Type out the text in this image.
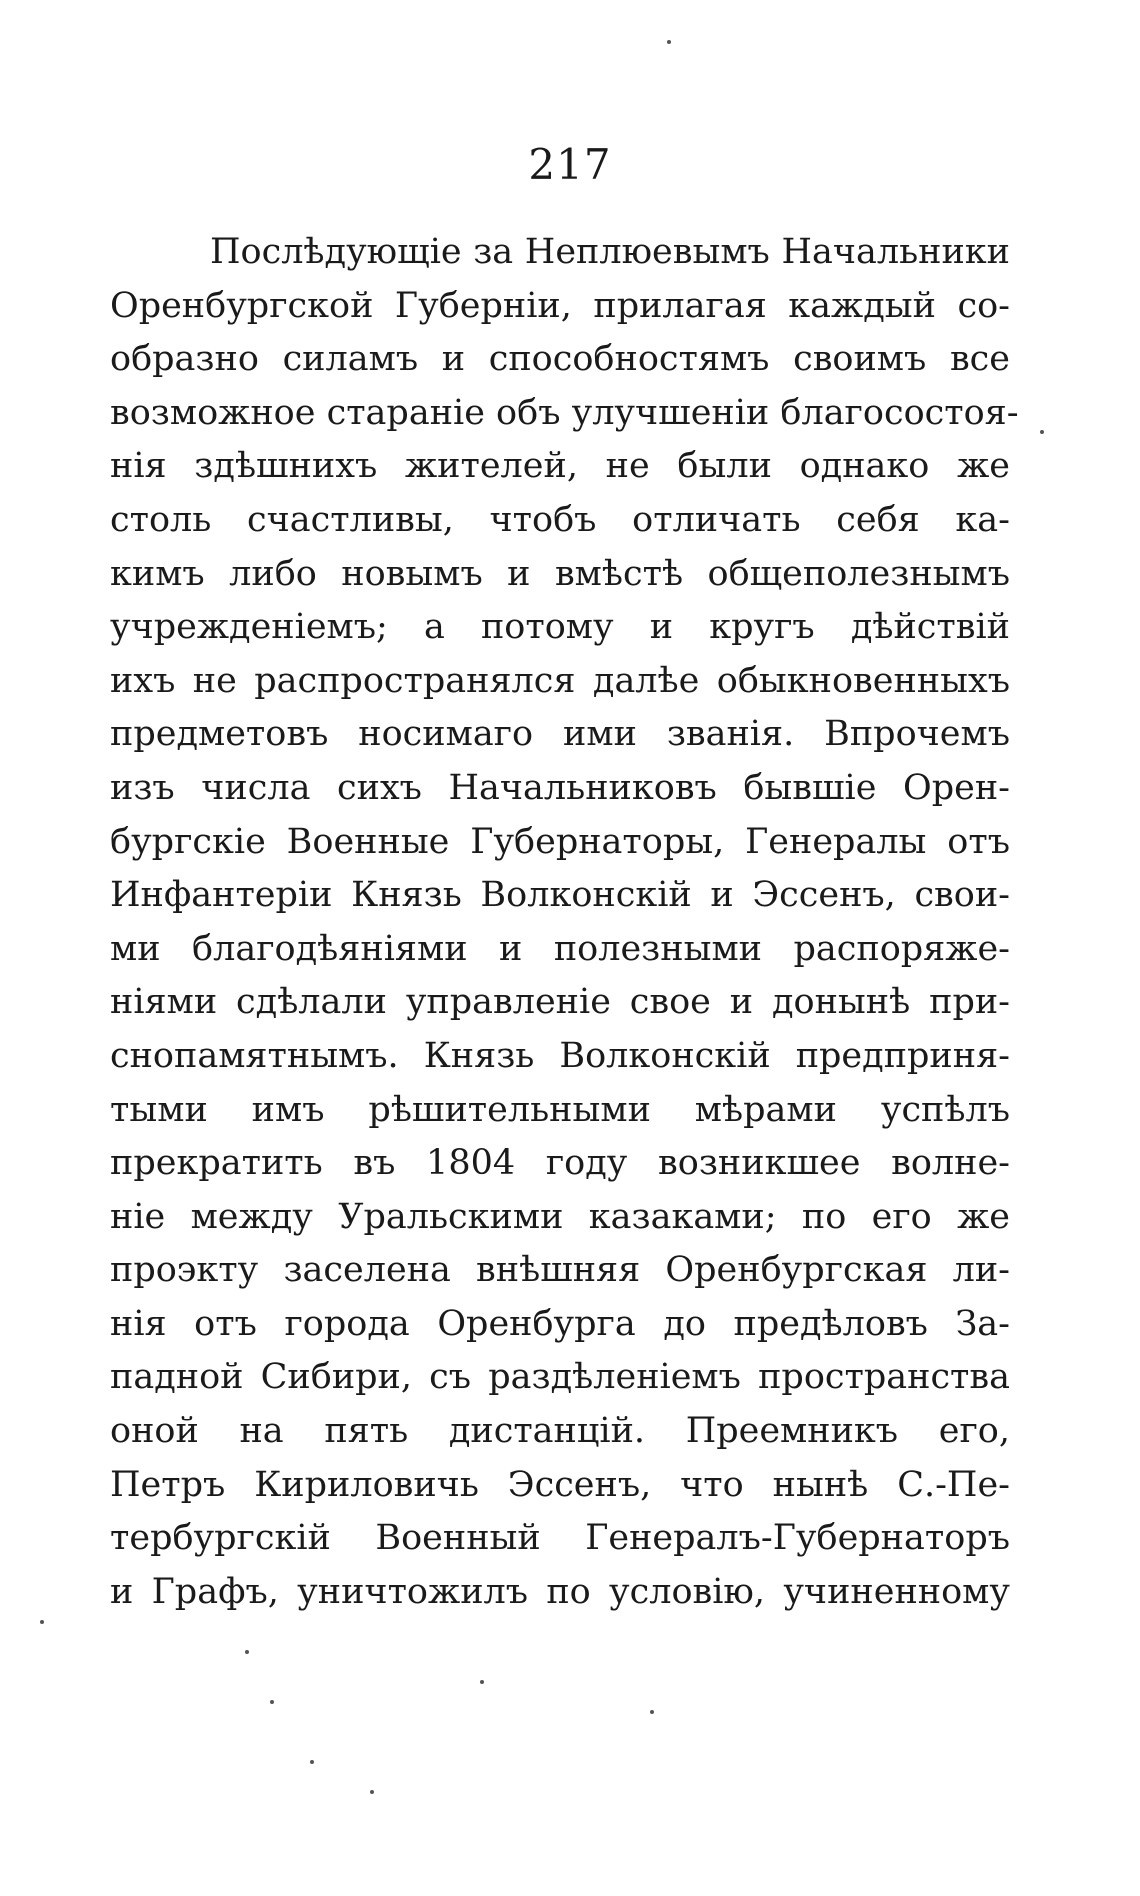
217
Послѣдующіе за Неплюевымъ Начальники
Оренбургской Губерніи, прилагая каждый со-
образно силамъ и способностямъ своимъ все
возможное стараніе объ улучшеніи благосостоя-
нія здѣшнихъ жителей, не были однако же
столь счастливы, чтобъ отличать себя ка-
кимъ либо новымъ и вмѣстѣ общеполезнымъ
учрежденіемъ; а потому и кругъ дѣйствій
ихъ не распространялся далѣе обыкновенныхъ
предметовъ носимаго ими званія. Впрочемъ
изъ числа сихъ Начальниковъ бывшіе Орен-
бургскіе Военные Губернаторы, Генералы отъ
Инфантеріи Князь Волконскій и Эссенъ, свои-
ми благодѣяніями и полезными распоряже-
ніями сдѣлали управленіе свое и донынѣ при-
снопамятнымъ. Князь Волконскій предприня-
тыми имъ рѣшительными мѣрами успѣлъ
прекратить въ 1804 году возникшее волне-
ніе между Уральскими казаками; по его же
проэкту заселена внѣшняя Оренбургская ли-
нія отъ города Оренбурга до предѣловъ За-
падной Сибири, съ раздѣленіемъ пространства
оной на пять дистанцій. Преемникъ его,
Петръ Кириловичь Эссенъ, что нынѣ С.-Пе-
тербургскій Военный Генералъ-Губернаторъ
и Графъ, уничтожилъ по условію, учиненному
